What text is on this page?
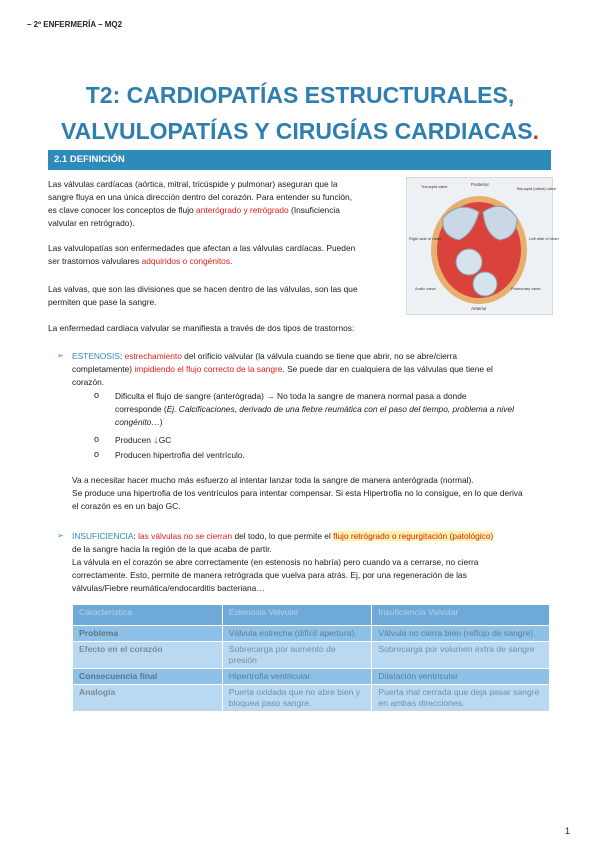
– 2º ENFERMERÍA – MQ2
T2: CARDIOPATÍAS ESTRUCTURALES,
VALVULOPATÍAS Y CIRUGÍAS CARDIACAS.
2.1 DEFINICIÓN
Las válvulas cardíacas (aórtica, mitral, tricúspide y pulmonar) aseguran que la
sangre fluya en una única dirección dentro del corazón. Para entender su función,
es clave conocer los conceptos de flujo anterógrado y retrógrado (Insuficiencia
valvular en retrógrado).
Las valvulopatías son enfermedades que afectan a las válvulas cardíacas. Pueden
ser trastornos valvulares adquiridos o congénitos.
Las valvas, que son las divisiones que se hacen dentro de las válvulas, son las que
permiten que pase la sangre.
La enfermedad cardiaca valvular se manifiesta a través de dos tipos de trastornos:
Posterior
Tricuspid valve	Bicuspid (mitral) valve
Right side of heart	Left side of heart
Aortic valve	Pulmonary valve
Anterior
➢ ESTENOSIS: estrechamiento del orificio valvular (la válvula cuando se tiene que abrir, no se abre/cierra
completamente) impidiendo el flujo correcto de la sangre. Se puede dar en cualquiera de las válvulas que tiene el
corazón.
o Dificulta el flujo de sangre (anterógrada) → No toda la sangre de manera normal pasa a donde
corresponde (Ej. Calcificaciones, derivado de una fiebre reumática con el paso del tiempo, problema a nivel
congénito…)
o Producen ↓GC
o Producen hipertrofia del ventrículo.
Va a necesitar hacer mucho más esfuerzo al intentar lanzar toda la sangre de manera anterógrada (normal).
Se produce una hipertrofia de los ventrículos para intentar compensar. Si esta Hipertrofia no lo consigue, en lo que deriva
el corazón es en un bajo GC.
➢ INSUFICIENCIA: las válvulas no se cierran del todo, lo que permite el flujo retrógrado o regurgitación (patológico)
de la sangre hacia la región de la que acaba de partir.
La válvula en el corazón se abre correctamente (en estenosis no habría) pero cuando va a cerrarse, no cierra
correctamente. Esto, permite de manera retrógrada que vuelva para atrás. Ej, por una regeneración de las
válvulas/Fiebre reumática/endocarditis bacteriana…
Característica	Estenosis Valvular	Insuficiencia Valvular
Problema	Válvula estrecha (difícil apertura).	Válvula no cierra bien (reflujo de sangre).
Efecto en el corazón	Sobrecarga por aumento de presión	Sobrecarga por volumen extra de sangre
Consecuencia final	Hipertrofia ventricular.	Dilatación ventricular
Analogía	Puerta oxidada que no abre bien y bloquea paso sangre.	Puerta mal cerrada que deja pasar sangre en ambas direcciones.
1
